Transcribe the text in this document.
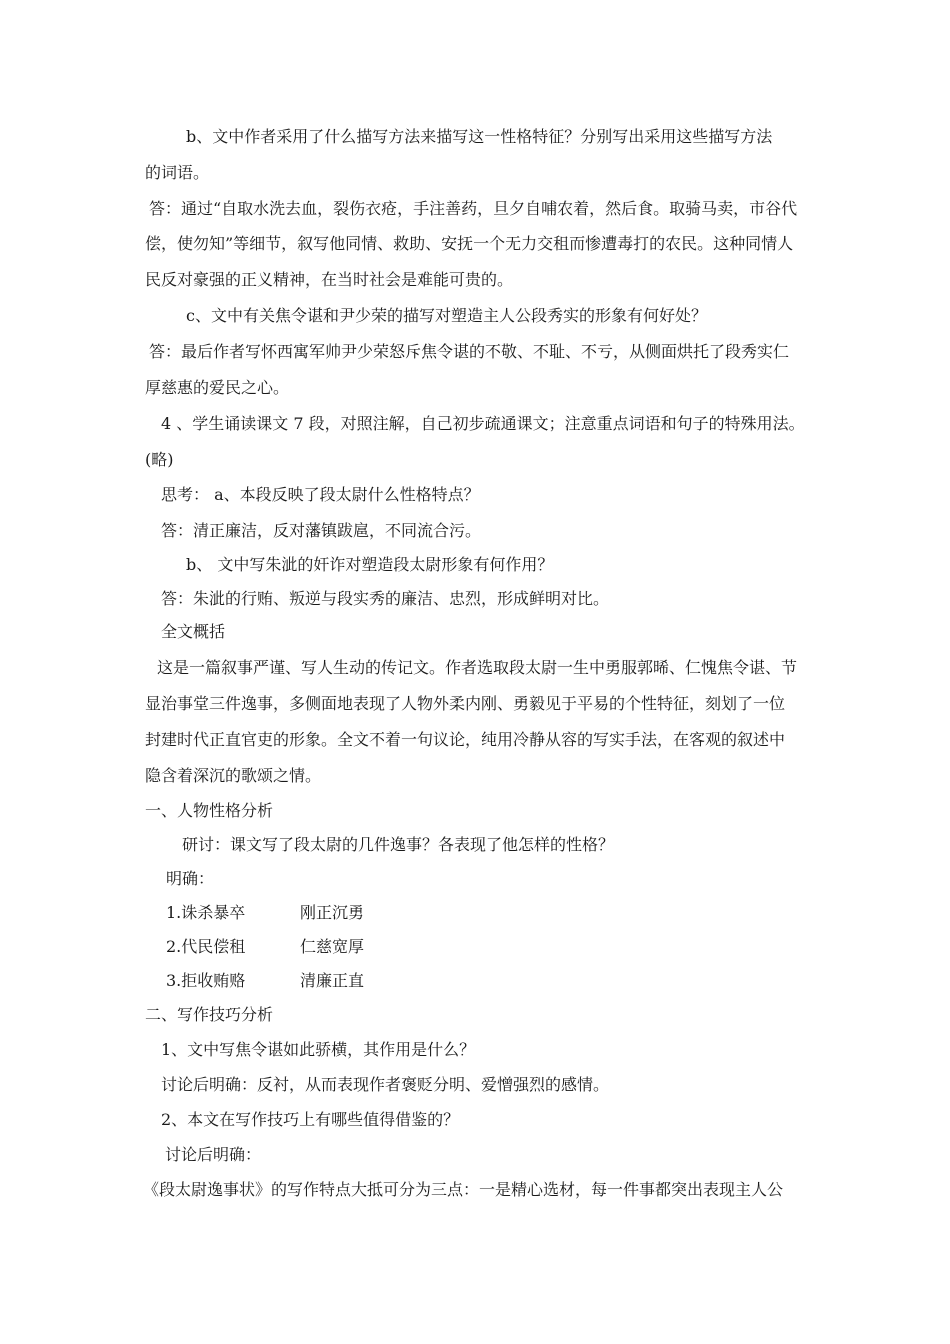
b、文中作者采用了什么描写方法来描写这一性格特征？分别写出采用这些描写方法
的词语。
答：通过“自取水洗去血，裂伤衣疮，手注善药，旦夕自哺农着，然后食。取骑马卖，市谷代
偿，使勿知”等细节，叙写他同情、救助、安抚一个无力交租而惨遭毒打的农民。这种同情人
民反对豪强的正义精神，在当时社会是难能可贵的。
c、文中有关焦令谌和尹少荣的描写对塑造主人公段秀实的形象有何好处？
答：最后作者写怀西寓军帅尹少荣怒斥焦令谌的不敬、不耻、不亏，从侧面烘托了段秀实仁
厚慈惠的爱民之心。
4 、学生诵读课文 7 段，对照注解，自己初步疏通课文；注意重点词语和句子的特殊用法。
(略)
思考： a、本段反映了段太尉什么性格特点？
答：清正廉洁，反对藩镇跋扈，不同流合污。
b、 文中写朱泚的奸诈对塑造段太尉形象有何作用？
答：朱泚的行贿、叛逆与段实秀的廉洁、忠烈，形成鲜明对比。
全文概括
这是一篇叙事严谨、写人生动的传记文。作者选取段太尉一生中勇服郭晞、仁愧焦令谌、节
显治事堂三件逸事，多侧面地表现了人物外柔内刚、勇毅见于平易的个性特征，刻划了一位
封建时代正直官吏的形象。全文不着一句议论，纯用冷静从容的写实手法，在客观的叙述中
隐含着深沉的歌颂之情。
一、人物性格分析
研讨：课文写了段太尉的几件逸事？各表现了他怎样的性格？
明确：
1.诛杀暴卒	刚正沉勇
2.代民偿租	仁慈宽厚
3.拒收贿赂	清廉正直
二、写作技巧分析
1、文中写焦令谌如此骄横，其作用是什么？
讨论后明确：反衬，从而表现作者褒贬分明、爱憎强烈的感情。
2、本文在写作技巧上有哪些值得借鉴的？
讨论后明确：
《段太尉逸事状》的写作特点大抵可分为三点：一是精心选材，每一件事都突出表现主人公
